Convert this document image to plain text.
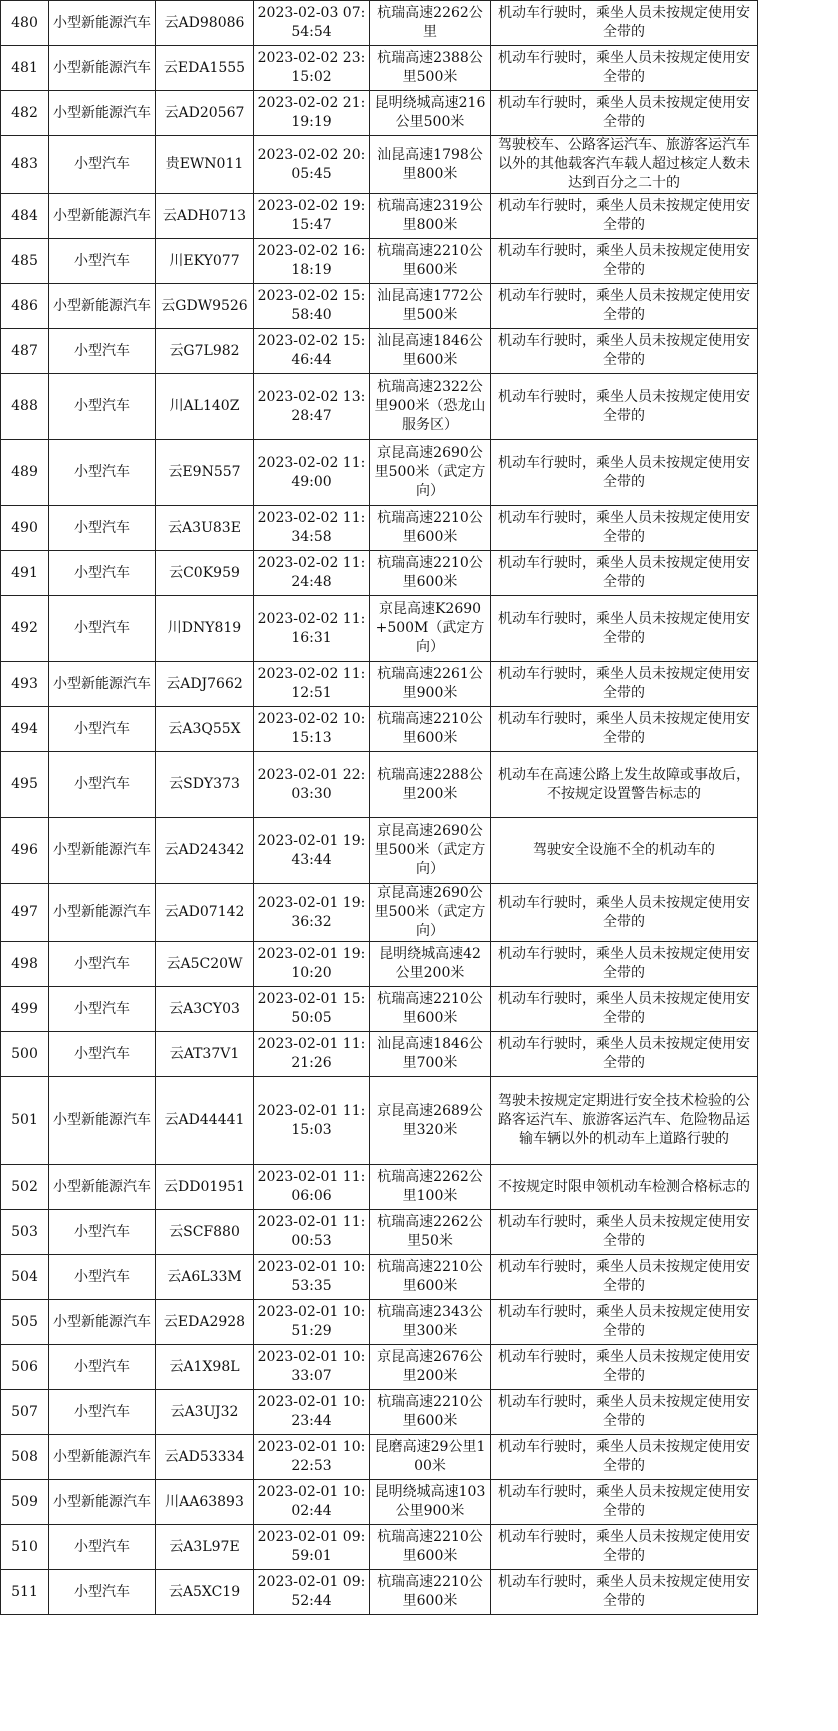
480	小型新能源汽车	云AD98086	2023-02-03 07:54:54	杭瑞高速2262公里	机动车行驶时，乘坐人员未按规定使用安全带的
481	小型新能源汽车	云EDA1555	2023-02-02 23:15:02	杭瑞高速2388公里500米	机动车行驶时，乘坐人员未按规定使用安全带的
482	小型新能源汽车	云AD20567	2023-02-02 21:19:19	昆明绕城高速216公里500米	机动车行驶时，乘坐人员未按规定使用安全带的
483	小型汽车	贵EWN011	2023-02-02 20:05:45	汕昆高速1798公里800米	驾驶校车、公路客运汽车、旅游客运汽车以外的其他载客汽车载人超过核定人数未达到百分之二十的
484	小型新能源汽车	云ADH0713	2023-02-02 19:15:47	杭瑞高速2319公里800米	机动车行驶时，乘坐人员未按规定使用安全带的
485	小型汽车	川EKY077	2023-02-02 16:18:19	杭瑞高速2210公里600米	机动车行驶时，乘坐人员未按规定使用安全带的
486	小型新能源汽车	云GDW9526	2023-02-02 15:58:40	汕昆高速1772公里500米	机动车行驶时，乘坐人员未按规定使用安全带的
487	小型汽车	云G7L982	2023-02-02 15:46:44	汕昆高速1846公里600米	机动车行驶时，乘坐人员未按规定使用安全带的
488	小型汽车	川AL140Z	2023-02-02 13:28:47	杭瑞高速2322公里900米（恐龙山服务区）	机动车行驶时，乘坐人员未按规定使用安全带的
489	小型汽车	云E9N557	2023-02-02 11:49:00	京昆高速2690公里500米（武定方向）	机动车行驶时，乘坐人员未按规定使用安全带的
490	小型汽车	云A3U83E	2023-02-02 11:34:58	杭瑞高速2210公里600米	机动车行驶时，乘坐人员未按规定使用安全带的
491	小型汽车	云C0K959	2023-02-02 11:24:48	杭瑞高速2210公里600米	机动车行驶时，乘坐人员未按规定使用安全带的
492	小型汽车	川DNY819	2023-02-02 11:16:31	京昆高速K2690+500M（武定方向）	机动车行驶时，乘坐人员未按规定使用安全带的
493	小型新能源汽车	云ADJ7662	2023-02-02 11:12:51	杭瑞高速2261公里900米	机动车行驶时，乘坐人员未按规定使用安全带的
494	小型汽车	云A3Q55X	2023-02-02 10:15:13	杭瑞高速2210公里600米	机动车行驶时，乘坐人员未按规定使用安全带的
495	小型汽车	云SDY373	2023-02-01 22:03:30	杭瑞高速2288公里200米	机动车在高速公路上发生故障或事故后，不按规定设置警告标志的
496	小型新能源汽车	云AD24342	2023-02-01 19:43:44	京昆高速2690公里500米（武定方向）	驾驶安全设施不全的机动车的
497	小型新能源汽车	云AD07142	2023-02-01 19:36:32	京昆高速2690公里500米（武定方向）	机动车行驶时，乘坐人员未按规定使用安全带的
498	小型汽车	云A5C20W	2023-02-01 19:10:20	昆明绕城高速42公里200米	机动车行驶时，乘坐人员未按规定使用安全带的
499	小型汽车	云A3CY03	2023-02-01 15:50:05	杭瑞高速2210公里600米	机动车行驶时，乘坐人员未按规定使用安全带的
500	小型汽车	云AT37V1	2023-02-01 11:21:26	汕昆高速1846公里700米	机动车行驶时，乘坐人员未按规定使用安全带的
501	小型新能源汽车	云AD44441	2023-02-01 11:15:03	京昆高速2689公里320米	驾驶未按规定定期进行安全技术检验的公路客运汽车、旅游客运汽车、危险物品运输车辆以外的机动车上道路行驶的
502	小型新能源汽车	云DD01951	2023-02-01 11:06:06	杭瑞高速2262公里100米	不按规定时限申领机动车检测合格标志的
503	小型汽车	云SCF880	2023-02-01 11:00:53	杭瑞高速2262公里50米	机动车行驶时，乘坐人员未按规定使用安全带的
504	小型汽车	云A6L33M	2023-02-01 10:53:35	杭瑞高速2210公里600米	机动车行驶时，乘坐人员未按规定使用安全带的
505	小型新能源汽车	云EDA2928	2023-02-01 10:51:29	杭瑞高速2343公里300米	机动车行驶时，乘坐人员未按规定使用安全带的
506	小型汽车	云A1X98L	2023-02-01 10:33:07	京昆高速2676公里200米	机动车行驶时，乘坐人员未按规定使用安全带的
507	小型汽车	云A3UJ32	2023-02-01 10:23:44	杭瑞高速2210公里600米	机动车行驶时，乘坐人员未按规定使用安全带的
508	小型新能源汽车	云AD53334	2023-02-01 10:22:53	昆磨高速29公里100米	机动车行驶时，乘坐人员未按规定使用安全带的
509	小型新能源汽车	川AA63893	2023-02-01 10:02:44	昆明绕城高速103公里900米	机动车行驶时，乘坐人员未按规定使用安全带的
510	小型汽车	云A3L97E	2023-02-01 09:59:01	杭瑞高速2210公里600米	机动车行驶时，乘坐人员未按规定使用安全带的
511	小型汽车	云A5XC19	2023-02-01 09:52:44	杭瑞高速2210公里600米	机动车行驶时，乘坐人员未按规定使用安全带的
